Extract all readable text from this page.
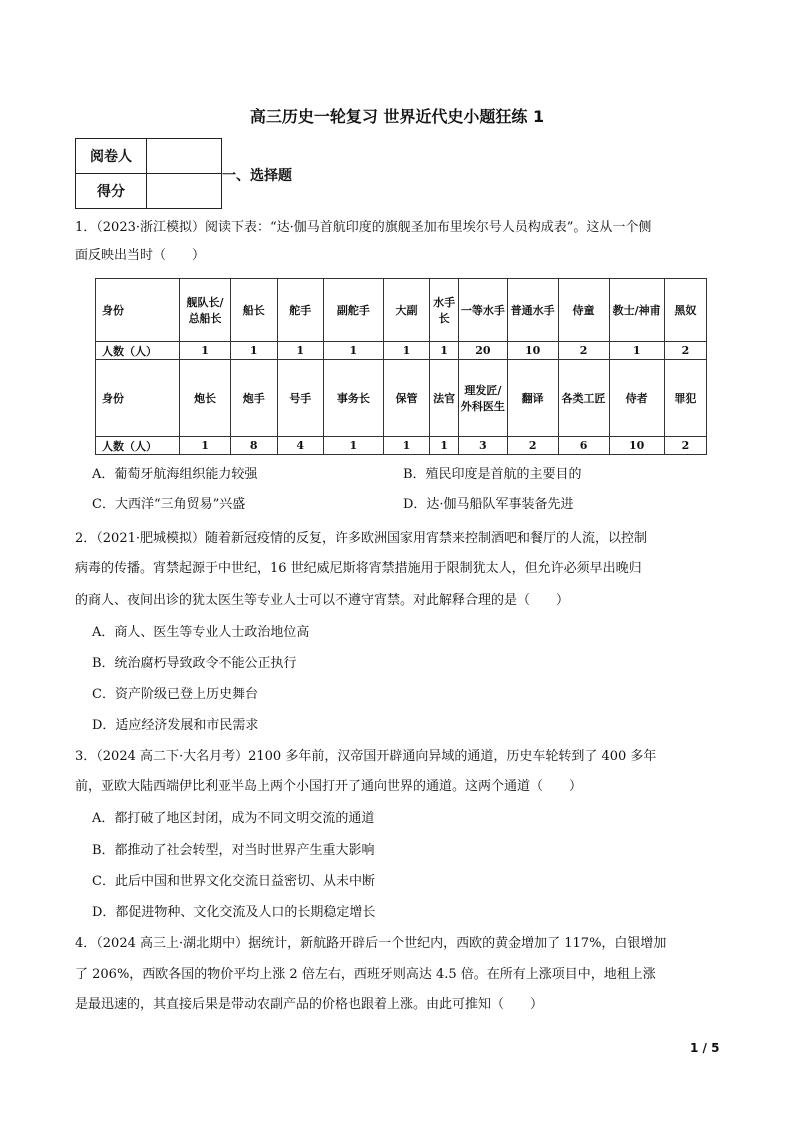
高三历史一轮复习 世界近代史小题狂练 1
阅卷人	
得分	
一、选择题
1．（2023·浙江模拟）阅读下表：“达·伽马首航印度的旗舰圣加布里埃尔号人员构成表”。这从一个侧
面反映出当时（　　）
身份	舰队长/总船长	船长	舵手	副舵手	大副	水手长	一等水手	普通水手	侍童	教士/神甫	黑奴
人数（人）	1	1	1	1	1	1	20	10	2	1	2
身份	炮长	炮手	号手	事务长	保管	法官	理发匠/外科医生	翻译	各类工匠	侍者	罪犯
人数（人）	1	8	4	1	1	1	3	2	6	10	2
A．葡萄牙航海组织能力较强	B．殖民印度是首航的主要目的
C．大西洋“三角贸易”兴盛	D．达·伽马船队军事装备先进
2．（2021·肥城模拟）随着新冠疫情的反复，许多欧洲国家用宵禁来控制酒吧和餐厅的人流，以控制
病毒的传播。宵禁起源于中世纪，16 世纪威尼斯将宵禁措施用于限制犹太人，但允许必须早出晚归
的商人、夜间出诊的犹太医生等专业人士可以不遵守宵禁。对此解释合理的是（　　）
A．商人、医生等专业人士政治地位高
B．统治腐朽导致政令不能公正执行
C．资产阶级已登上历史舞台
D．适应经济发展和市民需求
3．（2024 高二下·大名月考）2100 多年前，汉帝国开辟通向异域的通道，历史车轮转到了 400 多年
前，亚欧大陆西端伊比利亚半岛上两个小国打开了通向世界的通道。这两个通道（　　）
A．都打破了地区封闭，成为不同文明交流的通道
B．都推动了社会转型，对当时世界产生重大影响
C．此后中国和世界文化交流日益密切、从未中断
D．都促进物种、文化交流及人口的长期稳定增长
4．（2024 高三上·湖北期中）据统计，新航路开辟后一个世纪内，西欧的黄金增加了 117%，白银增加
了 206%，西欧各国的物价平均上涨 2 倍左右，西班牙则高达 4.5 倍。在所有上涨项目中，地租上涨
是最迅速的，其直接后果是带动农副产品的价格也跟着上涨。由此可推知（　　）
1 / 5
